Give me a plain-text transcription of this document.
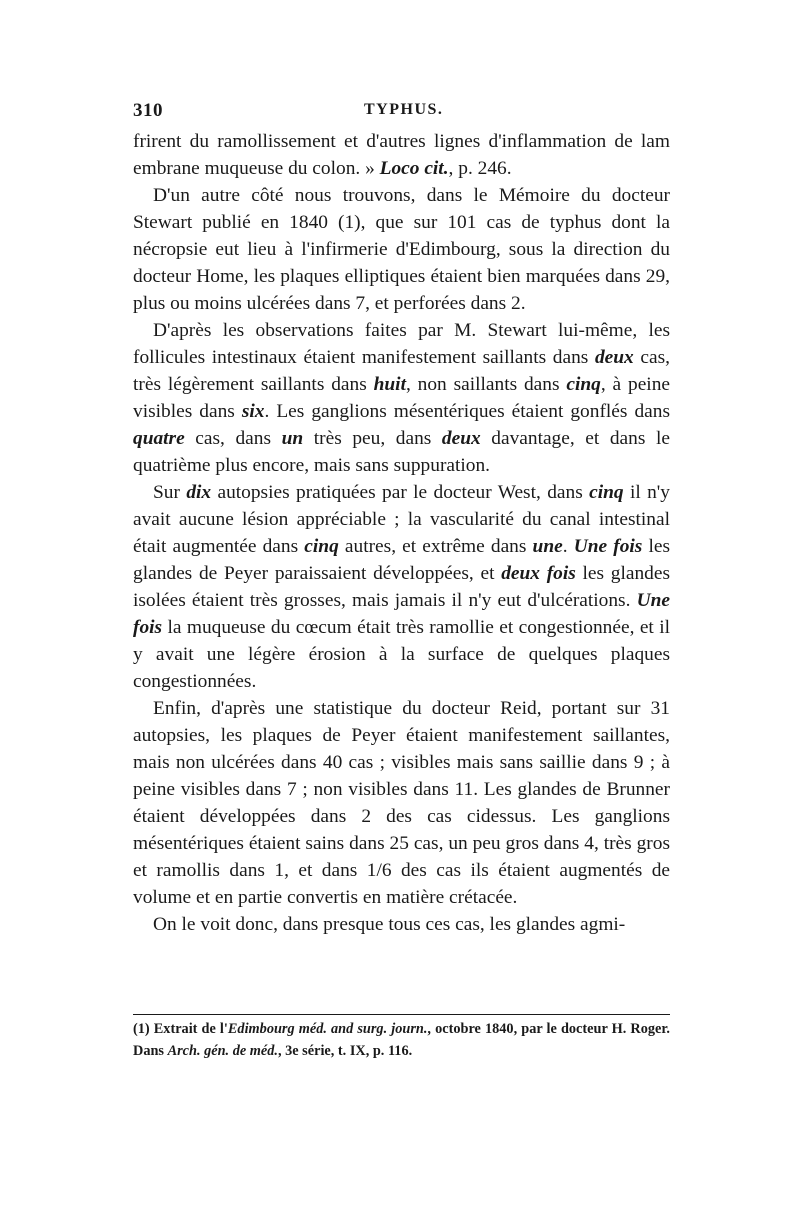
310	TYPHUS.

frirent du ramollissement et d'autres lignes d'inflammation de lam embrane muqueuse du colon. » Loco cit., p. 246.

D'un autre côté nous trouvons, dans le Mémoire du docteur Stewart publié en 1840 (1), que sur 101 cas de typhus dont la nécropsie eut lieu à l'infirmerie d'Edimbourg, sous la direction du docteur Home, les plaques elliptiques étaient bien marquées dans 29, plus ou moins ulcérées dans 7, et perforées dans 2.

D'après les observations faites par M. Stewart lui-même, les follicules intestinaux étaient manifestement saillants dans deux cas, très légèrement saillants dans huit, non saillants dans cinq, à peine visibles dans six. Les ganglions mésentériques étaient gonflés dans quatre cas, dans un très peu, dans deux davantage, et dans le quatrième plus encore, mais sans suppuration.

Sur dix autopsies pratiquées par le docteur West, dans cinq il n'y avait aucune lésion appréciable ; la vascularité du canal intestinal était augmentée dans cinq autres, et extrême dans une. Une fois les glandes de Peyer paraissaient développées, et deux fois les glandes isolées étaient très grosses, mais jamais il n'y eut d'ulcérations. Une fois la muqueuse du cœcum était très ramollie et congestionnée, et il y avait une légère érosion à la surface de quelques plaques congestionnées.

Enfin, d'après une statistique du docteur Reid, portant sur 31 autopsies, les plaques de Peyer étaient manifestement saillantes, mais non ulcérées dans 40 cas ; visibles mais sans saillie dans 9 ; à peine visibles dans 7 ; non visibles dans 11. Les glandes de Brunner étaient développées dans 2 des cas cidessus. Les ganglions mésentériques étaient sains dans 25 cas, un peu gros dans 4, très gros et ramollis dans 1, et dans 1/6 des cas ils étaient augmentés de volume et en partie convertis en matière crétacée.

On le voit donc, dans presque tous ces cas, les glandes agmi-

(1) Extrait de l'Edimbourg méd. and surg. journ., octobre 1840, par le docteur H. Roger. Dans Arch. gén. de méd., 3e série, t. IX, p. 116.
